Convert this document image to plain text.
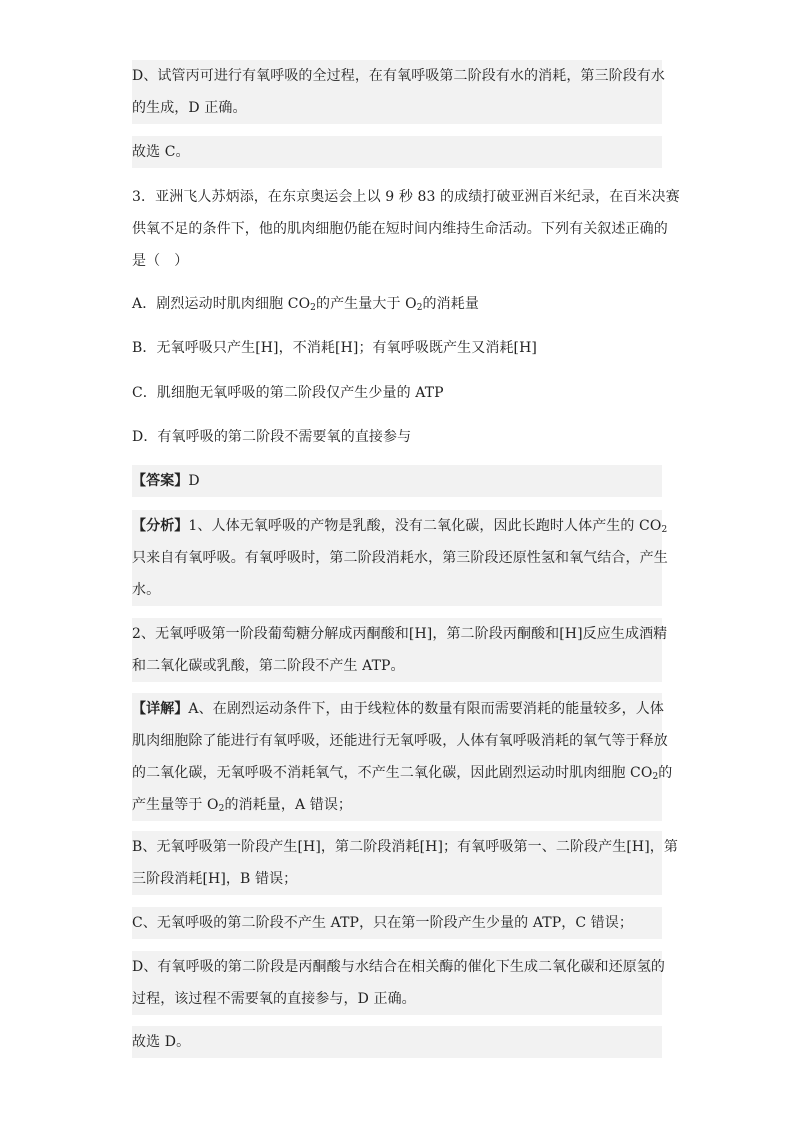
D、试管丙可进行有氧呼吸的全过程，在有氧呼吸第二阶段有水的消耗，第三阶段有水
的生成，D 正确。
故选 C。
3．亚洲飞人苏炳添，在东京奥运会上以 9 秒 83 的成绩打破亚洲百米纪录，在百米决赛
供氧不足的条件下，他的肌肉细胞仍能在短时间内维持生命活动。下列有关叙述正确的
是（　）
A．剧烈运动时肌肉细胞 $CO_2$的产生量大于 $O_2$的消耗量
B．无氧呼吸只产生[H]，不消耗[H]；有氧呼吸既产生又消耗[H]
C．肌细胞无氧呼吸的第二阶段仅产生少量的 ATP
D．有氧呼吸的第二阶段不需要氧的直接参与
【答案】D
【分析】1、人体无氧呼吸的产物是乳酸，没有二氧化碳，因此长跑时人体产生的 $CO_2$
只来自有氧呼吸。有氧呼吸时，第二阶段消耗水，第三阶段还原性氢和氧气结合，产生
水。
2、无氧呼吸第一阶段葡萄糖分解成丙酮酸和[H]，第二阶段丙酮酸和[H]反应生成酒精
和二氧化碳或乳酸，第二阶段不产生 ATP。
【详解】A、在剧烈运动条件下，由于线粒体的数量有限而需要消耗的能量较多，人体
肌肉细胞除了能进行有氧呼吸，还能进行无氧呼吸，人体有氧呼吸消耗的氧气等于释放
的二氧化碳，无氧呼吸不消耗氧气，不产生二氧化碳，因此剧烈运动时肌肉细胞 $CO_2$的
产生量等于 $O_2$的消耗量，A 错误；
B、无氧呼吸第一阶段产生[H]，第二阶段消耗[H]；有氧呼吸第一、二阶段产生[H]，第
三阶段消耗[H]，B 错误；
C、无氧呼吸的第二阶段不产生 ATP，只在第一阶段产生少量的 ATP，C 错误；
D、有氧呼吸的第二阶段是丙酮酸与水结合在相关酶的催化下生成二氧化碳和还原氢的
过程，该过程不需要氧的直接参与，D 正确。
故选 D。
